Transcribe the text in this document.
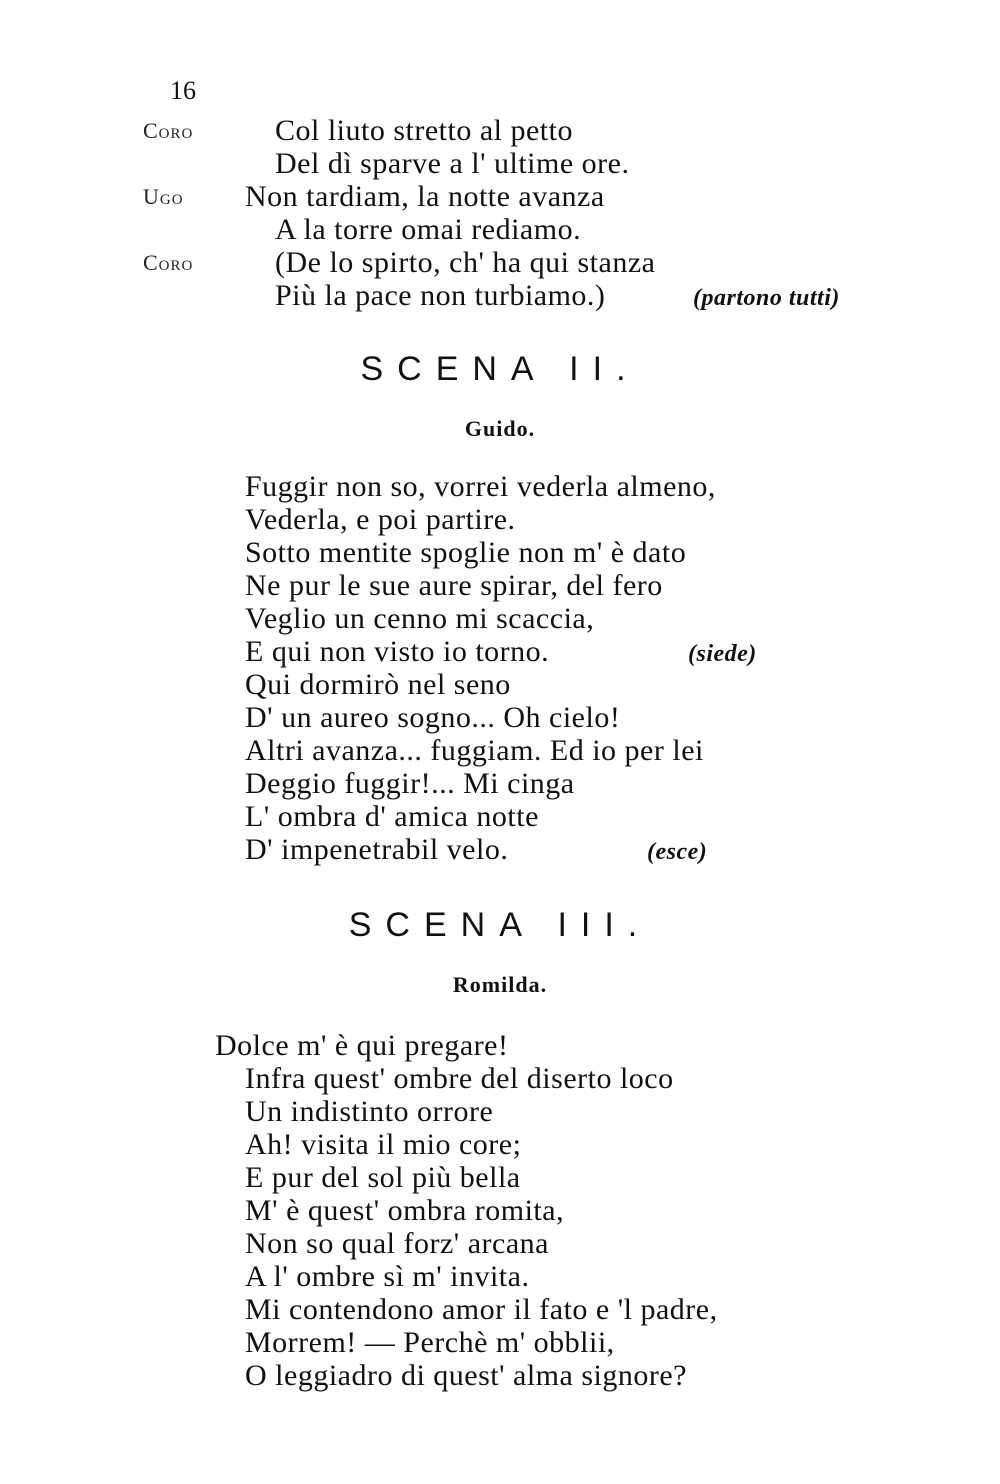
16
Coro	Col liuto stretto al petto
Del dì sparve a l' ultime ore.
Ugo Non tardiam, la notte avanza
A la torre omai rediamo.
Coro	(De lo spirto, ch' ha qui stanza
Più la pace non turbiamo.)	(partono tutti)
SCENA II.
Guido.
Fuggir non so, vorrei vederla almeno,
Vederla, e poi partire.
Sotto mentite spoglie non m' è dato
Ne pur le sue aure spirar, del fero
Veglio un cenno mi scaccia,
E qui non visto io torno.	(siede)
Qui dormirò nel seno
D' un aureo sogno... Oh cielo!
Altri avanza... fuggiam. Ed io per lei
Deggio fuggir!... Mi cinga
L' ombra d' amica notte
D' impenetrabil velo.	(esce)
SCENA III.
Romilda.
Dolce m' è qui pregare!
Infra quest' ombre del diserto loco
Un indistinto orrore
Ah! visita il mio core;
E pur del sol più bella
M' è quest' ombra romita,
Non so qual forz' arcana
A l' ombre sì m' invita.
Mi contendono amor il fato e 'l padre,
Morrem! — Perchè m' obblii,
O leggiadro di quest' alma signore?
